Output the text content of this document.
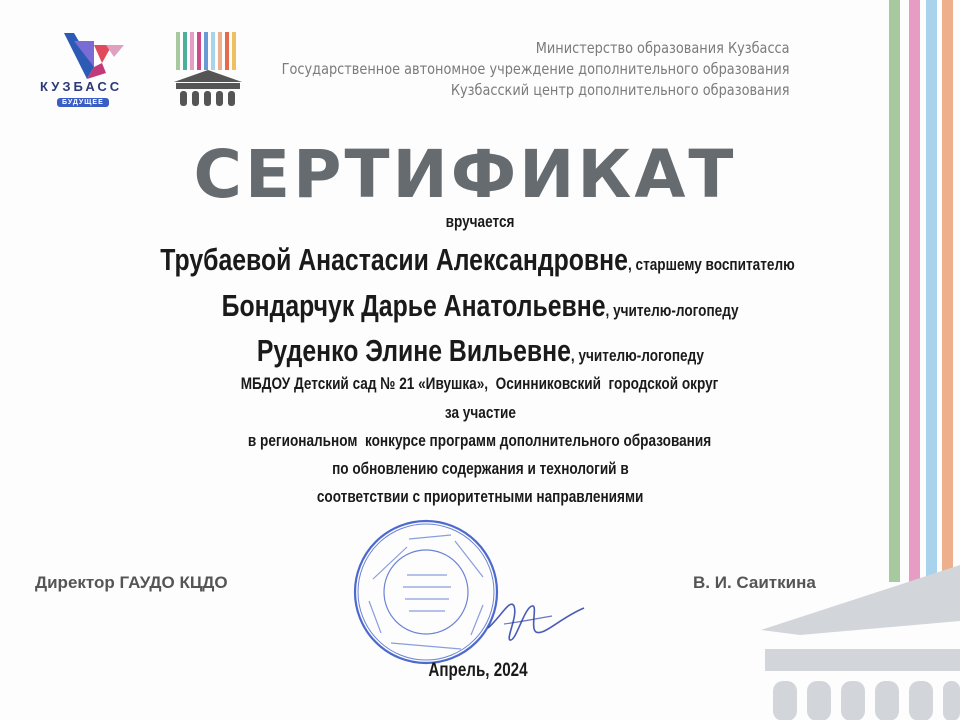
КУЗБАСС
БУДУЩЕЕ
Министерство образования Кузбасса
Государственное автономное учреждение дополнительного образования
Кузбасский центр дополнительного образования
СЕРТИФИКАТ
вручается
Трубаевой Анастасии Александровне, старшему воспитателю
Бондарчук Дарье Анатольевне, учителю-логопеду
Руденко Элине Вильевне, учителю-логопеду
МБДОУ Детский сад № 21 «Ивушка»,  Осинниковский  городской округ
за участие
в региональном  конкурсе программ дополнительного образования
по обновлению содержания и технологий в
соответствии с приоритетными направлениями
Директор ГАУДО КЦДО	В. И. Саиткина
Апрель, 2024
